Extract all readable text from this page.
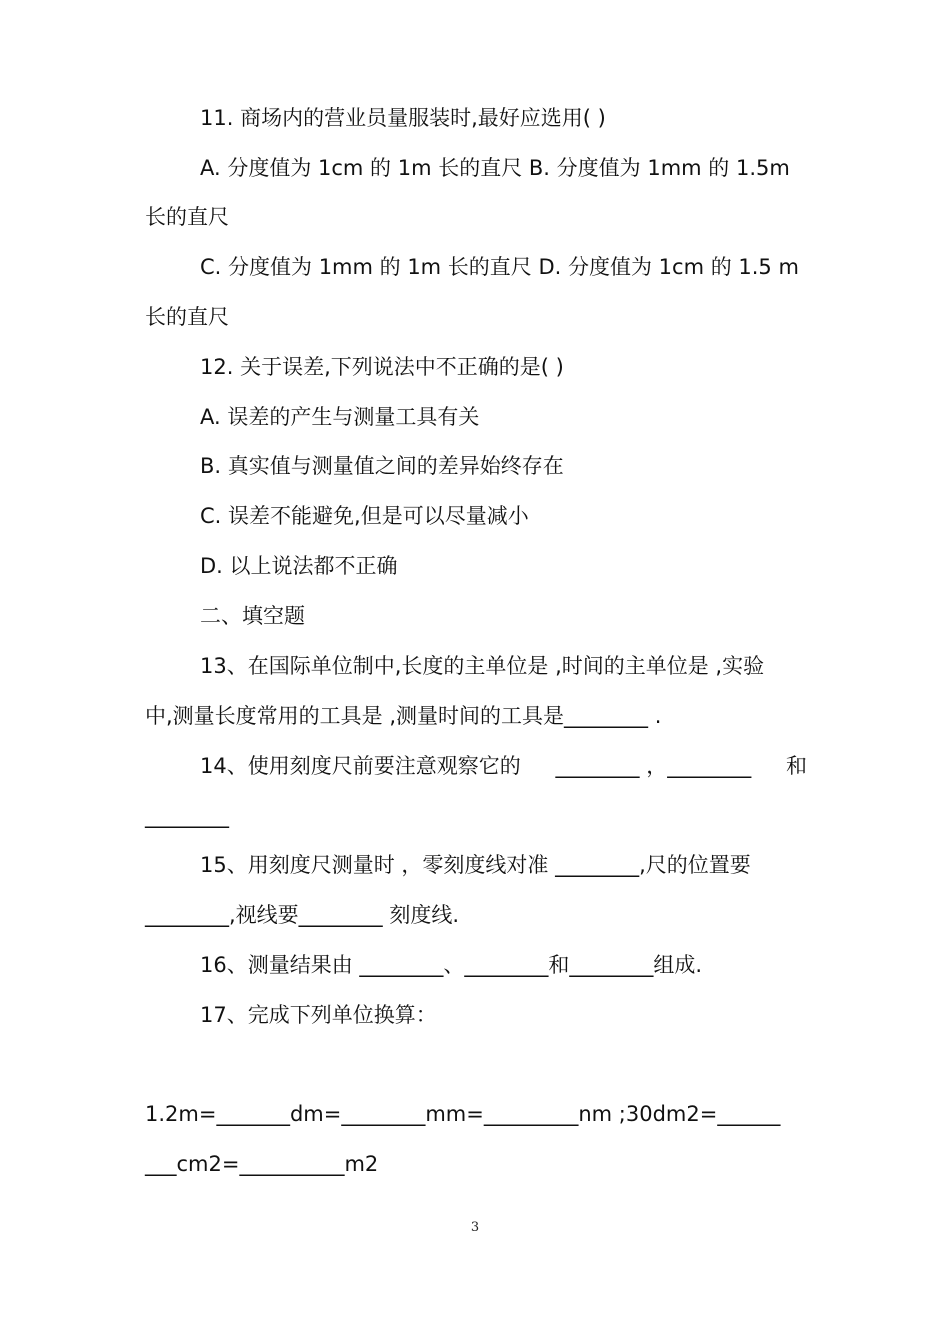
11. 商场内的营业员量服装时,最好应选用( )
A. 分度值为 1cm 的 1m 长的直尺 B. 分度值为 1mm 的 1.5m
长的直尺
C. 分度值为 1mm 的 1m 长的直尺 D. 分度值为 1cm 的 1.5 m
长的直尺
12. 关于误差,下列说法中不正确的是( )
A. 误差的产生与测量工具有关
B. 真实值与测量值之间的差异始终存在
C. 误差不能避免,但是可以尽量减小
D. 以上说法都不正确
二、填空题
13、在国际单位制中,长度的主单位是 ,时间的主单位是 ,实验
中,测量长度常用的工具是 ,测量时间的工具是________ .
14、使用刻度尺前要注意观察它的 ________ ，________ 和
________
15、用刻度尺测量时 ，零刻度线对准 ________,尺的位置要
________,视线要________ 刻度线.
16、测量结果由 ________、________和________组成.
17、完成下列单位换算：
1.2m=_______dm=________mm=_________nm ;30dm2=______
___cm2=__________m2
3
